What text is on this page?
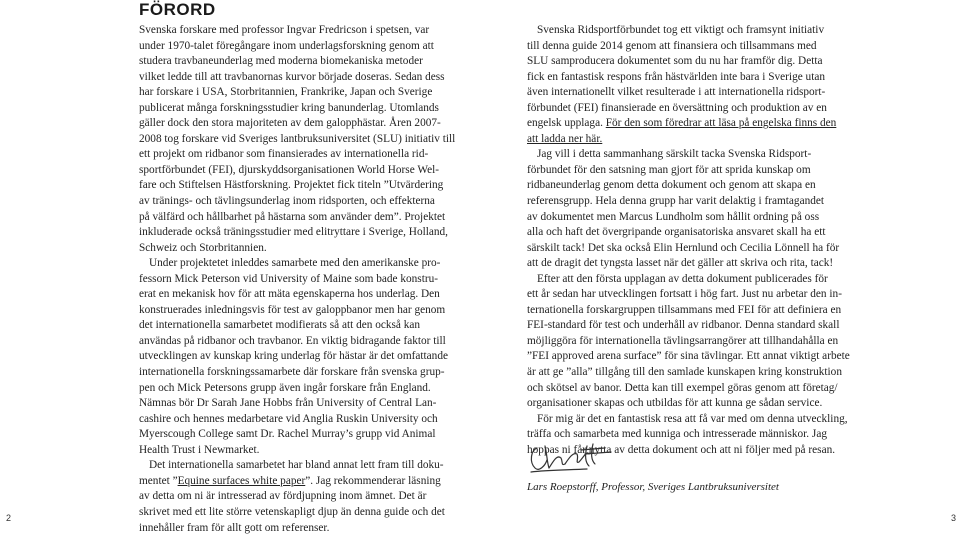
FÖRORD
Svenska forskare med professor Ingvar Fredricson i spetsen, var
under 1970-talet föregångare inom underlagsforskning genom att
studera travbaneunderlag med moderna biomekaniska metoder
vilket ledde till att travbanornas kurvor började doseras. Sedan dess
har forskare i USA, Storbritannien, Frankrike, Japan och Sverige
publicerat många forskningsstudier kring banunderlag. Utomlands
gäller dock den stora majoriteten av dem galopphästar. Åren 2007-
2008 tog forskare vid Sveriges lantbruksuniversitet (SLU) initiativ till
ett projekt om ridbanor som finansierades av internationella rid-
sportförbundet (FEI), djurskyddsorganisationen World Horse Wel-
fare och Stiftelsen Hästforskning. Projektet fick titeln ”Utvärdering
av tränings- och tävlingsunderlag inom ridsporten, och effekterna
på välfärd och hållbarhet på hästarna som använder dem”. Projektet
inkluderade också träningsstudier med elitryttare i Sverige, Holland,
Schweiz och Storbritannien.
Under projektetet inleddes samarbete med den amerikanske pro-
fessorn Mick Peterson vid University of Maine som bade konstru-
erat en mekanisk hov för att mäta egenskaperna hos underlag. Den
konstruerades inledningsvis för test av galoppbanor men har genom
det internationella samarbetet modifierats så att den också kan
användas på ridbanor och travbanor. En viktig bidragande faktor till
utvecklingen av kunskap kring underlag för hästar är det omfattande
internationella forskningssamarbete där forskare från svenska grup-
pen och Mick Petersons grupp även ingår forskare från England.
Nämnas bör Dr Sarah Jane Hobbs från University of Central Lan-
cashire och hennes medarbetare vid Anglia Ruskin University och
Myerscough College samt Dr. Rachel Murray’s grupp vid Animal
Health Trust i Newmarket.
Det internationella samarbetet har bland annat lett fram till doku-
mentet ”Equine surfaces white paper”. Jag rekommenderar läsning
av detta om ni är intresserad av fördjupning inom ämnet. Det är
skrivet med ett lite större vetenskapligt djup än denna guide och det
innehåller fram för allt gott om referenser.
Svenska Ridsportförbundet tog ett viktigt och framsynt initiativ
till denna guide 2014 genom att finansiera och tillsammans med
SLU samproducera dokumentet som du nu har framför dig. Detta
fick en fantastisk respons från hästvärlden inte bara i Sverige utan
även internationellt vilket resulterade i att internationella ridsport-
förbundet (FEI) finansierade en översättning och produktion av en
engelsk upplaga. För den som föredrar att läsa på engelska finns den
att ladda ner här.
Jag vill i detta sammanhang särskilt tacka Svenska Ridsport-
förbundet för den satsning man gjort för att sprida kunskap om
ridbaneunderlag genom detta dokument och genom att skapa en
referensgrupp. Hela denna grupp har varit delaktig i framtagandet
av dokumentet men Marcus Lundholm som hållit ordning på oss
alla och haft det övergripande organisatoriska ansvaret skall ha ett
särskilt tack! Det ska också Elin Hernlund och Cecilia Lönnell ha för
att de dragit det tyngsta lasset när det gäller att skriva och rita, tack!
Efter att den första upplagan av detta dokument publicerades för
ett år sedan har utvecklingen fortsatt i hög fart. Just nu arbetar den in-
ternationella forskargruppen tillsammans med FEI för att definiera en
FEI-standard för test och underhåll av ridbanor. Denna standard skall
möjliggöra för internationella tävlingsarrangörer att tillhandahålla en
”FEI approved arena surface” för sina tävlingar. Ett annat viktigt arbete
är att ge ”alla” tillgång till den samlade kunskapen kring konstruktion
och skötsel av banor. Detta kan till exempel göras genom att företag/
organisationer skapas och utbildas för att kunna ge sådan service.
För mig är det en fantastisk resa att få var med om denna utveckling,
träffa och samarbeta med kunniga och intresserade människor. Jag
hoppas ni får nytta av detta dokument och att ni följer med på resan.
Lars Roepstorff, Professor, Sveriges Lantbruksuniversitet
2	3
